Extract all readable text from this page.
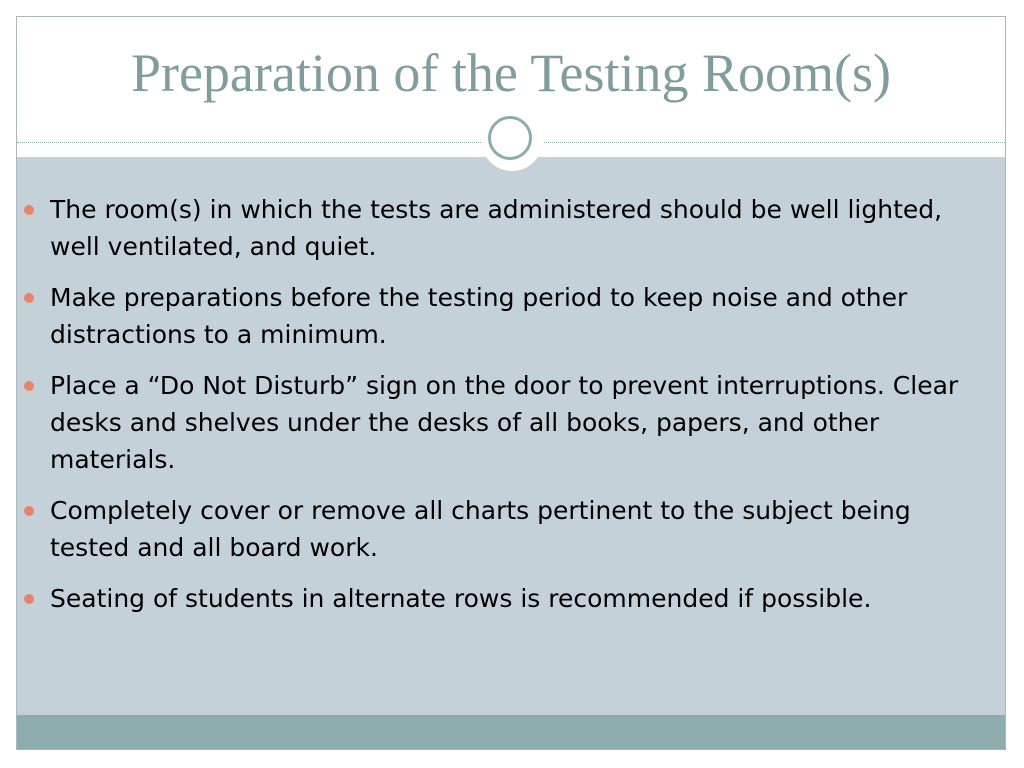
Preparation of the Testing Room(s)
The room(s) in which the tests are administered should be well lighted, well ventilated, and quiet.
Make preparations before the testing period to keep noise and other distractions to a minimum.
Place a “Do Not Disturb” sign on the door to prevent interruptions. Clear desks and shelves under the desks of all books, papers, and other materials.
Completely cover or remove all charts pertinent to the subject being tested and all board work.
Seating of students in alternate rows is recommended if possible.
